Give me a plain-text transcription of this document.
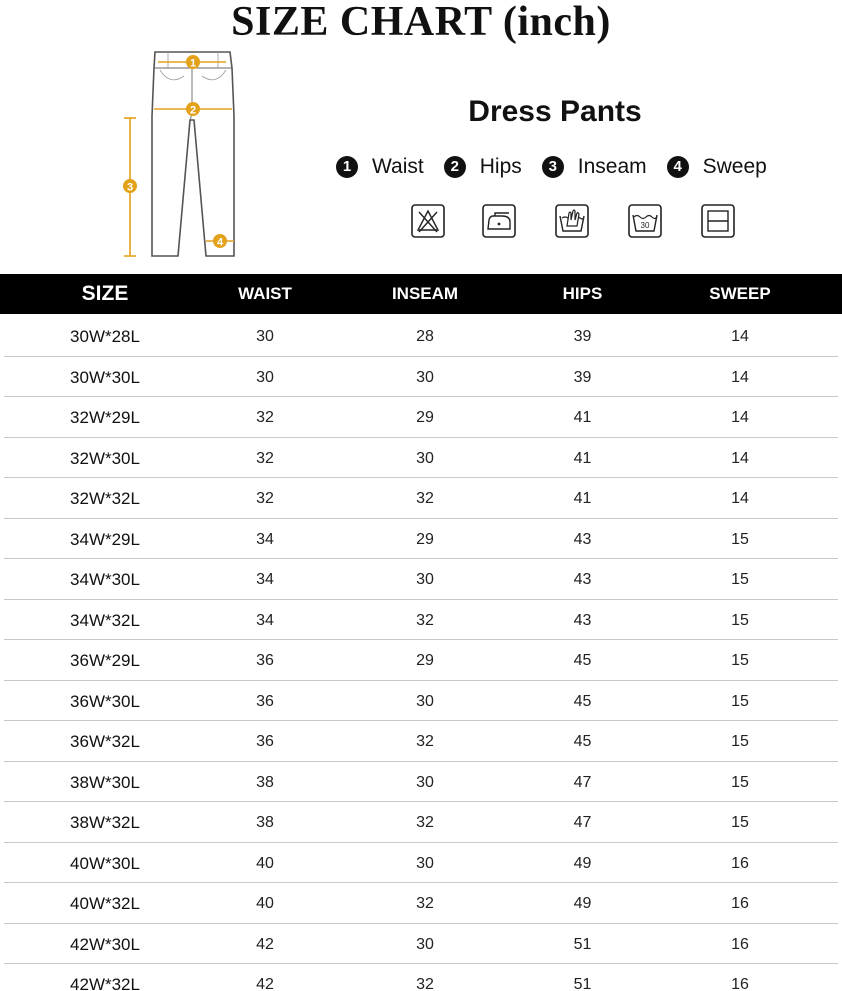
SIZE CHART (inch)
1
2
3
4
Dress Pants
1 Waist	2 Hips	3 Inseam	4 Sweep
30
SIZE	WAIST	INSEAM	HIPS	SWEEP
30W*28L	30	28	39	14
30W*30L	30	30	39	14
32W*29L	32	29	41	14
32W*30L	32	30	41	14
32W*32L	32	32	41	14
34W*29L	34	29	43	15
34W*30L	34	30	43	15
34W*32L	34	32	43	15
36W*29L	36	29	45	15
36W*30L	36	30	45	15
36W*32L	36	32	45	15
38W*30L	38	30	47	15
38W*32L	38	32	47	15
40W*30L	40	30	49	16
40W*32L	40	32	49	16
42W*30L	42	30	51	16
42W*32L	42	32	51	16
